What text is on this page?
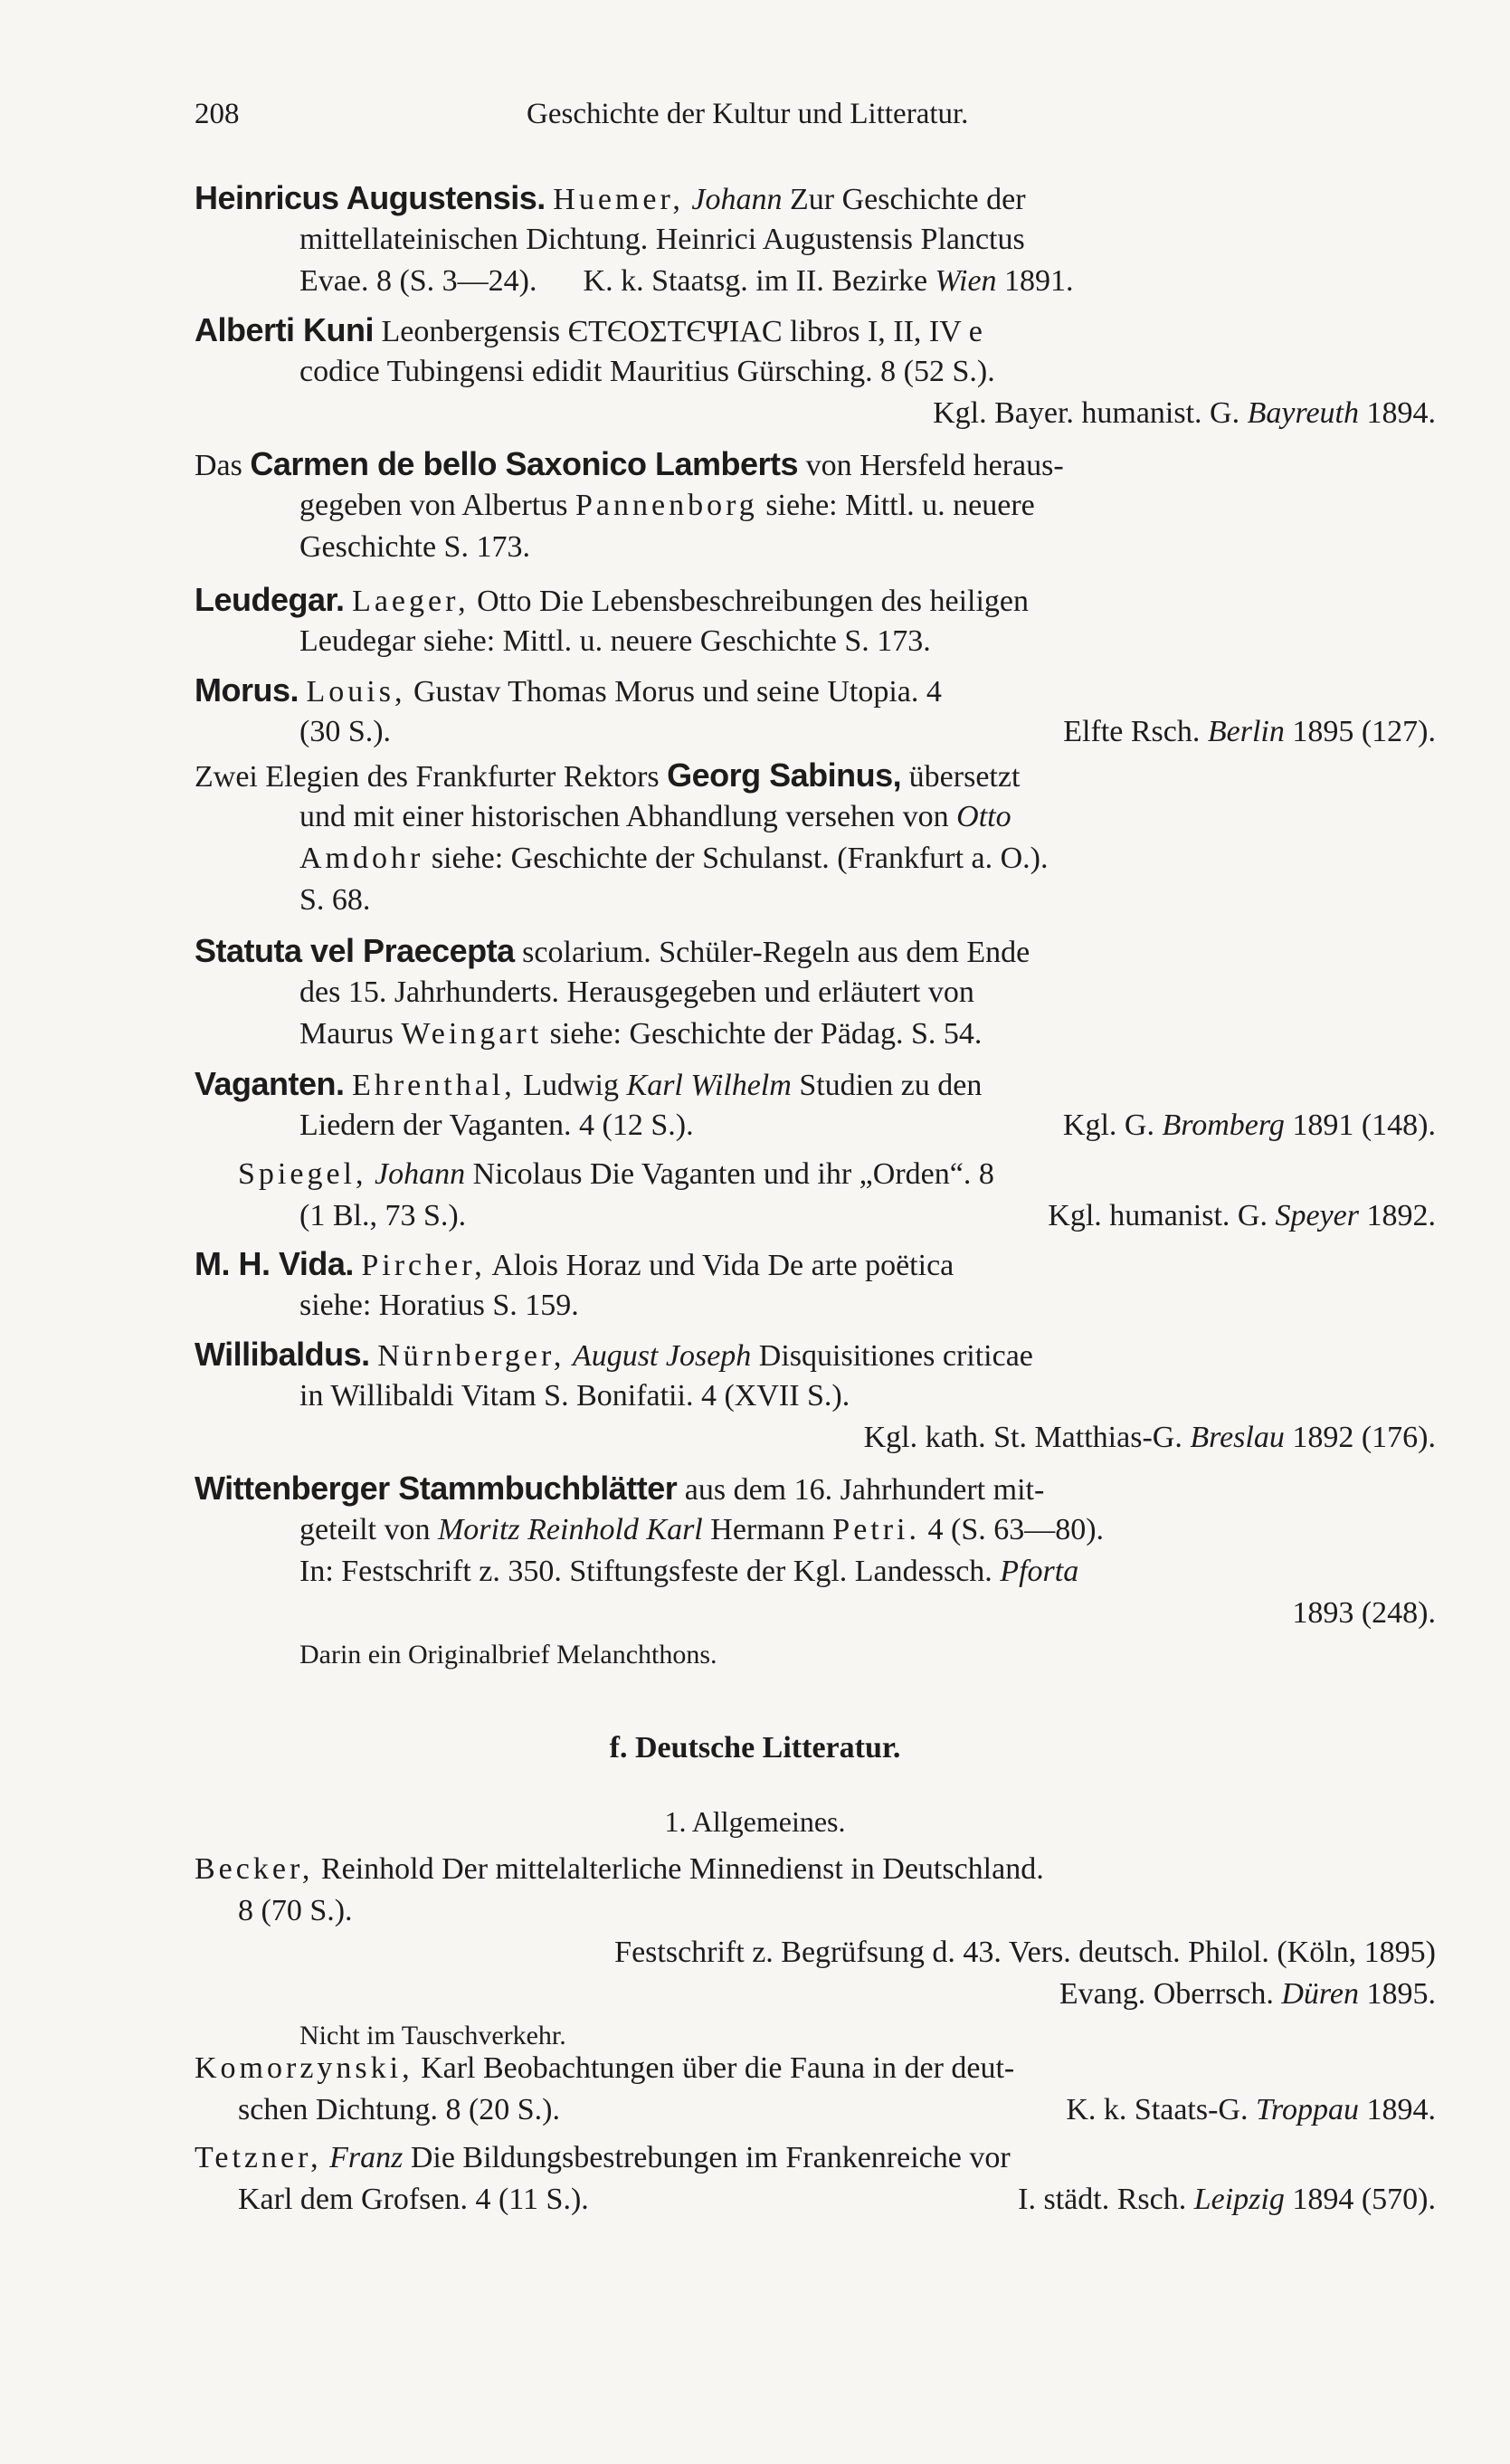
208	Geschichte der Kultur und Litteratur.
Heinricus Augustensis. Huemer, Johann Zur Geschichte der
mittellateinischen Dichtung. Heinrici Augustensis Planctus
Evae. 8 (S. 3—24). K. k. Staatsg. im II. Bezirke Wien 1891.
Alberti Kuni Leonbergensis ЄΤЄΟΣΤЄΨΙΑϹ libros I, II, IV e
codice Tubingensi edidit Mauritius Gürsching. 8 (52 S.).
Kgl. Bayer. humanist. G. Bayreuth 1894.
Das Carmen de bello Saxonico Lamberts von Hersfeld heraus-
gegeben von Albertus Pannenborg siehe: Mittl. u. neuere
Geschichte S. 173.
Leudegar. Laeger, Otto Die Lebensbeschreibungen des heiligen
Leudegar siehe: Mittl. u. neuere Geschichte S. 173.
Morus. Louis, Gustav Thomas Morus und seine Utopia. 4
(30 S.).	Elfte Rsch. Berlin 1895 (127).
Zwei Elegien des Frankfurter Rektors Georg Sabinus, übersetzt
und mit einer historischen Abhandlung versehen von Otto
Amdohr siehe: Geschichte der Schulanst. (Frankfurt a. O.).
S. 68.
Statuta vel Praecepta scolarium. Schüler-Regeln aus dem Ende
des 15. Jahrhunderts. Herausgegeben und erläutert von
Maurus Weingart siehe: Geschichte der Pädag. S. 54.
Vaganten. Ehrenthal, Ludwig Karl Wilhelm Studien zu den
Liedern der Vaganten. 4 (12 S.).	Kgl. G. Bromberg 1891 (148).
Spiegel, Johann Nicolaus Die Vaganten und ihr „Orden“. 8
(1 Bl., 73 S.).	Kgl. humanist. G. Speyer 1892.
M. H. Vida. Pircher, Alois Horaz und Vida De arte poëtica
siehe: Horatius S. 159.
Willibaldus. Nürnberger, August Joseph Disquisitiones criticae
in Willibaldi Vitam S. Bonifatii. 4 (XVII S.).
Kgl. kath. St. Matthias-G. Breslau 1892 (176).
Wittenberger Stammbuchblätter aus dem 16. Jahrhundert mit-
geteilt von Moritz Reinhold Karl Hermann Petri. 4 (S. 63—80).
In: Festschrift z. 350. Stiftungsfeste der Kgl. Landessch. Pforta
1893 (248).
Darin ein Originalbrief Melanchthons.
f. Deutsche Litteratur.
1. Allgemeines.
Becker, Reinhold Der mittelalterliche Minnedienst in Deutschland.
8 (70 S.).
Festschrift z. Begrüfsung d. 43. Vers. deutsch. Philol. (Köln, 1895)
Evang. Oberrsch. Düren 1895.
Nicht im Tauschverkehr.
Komorzynski, Karl Beobachtungen über die Fauna in der deut-
schen Dichtung. 8 (20 S.).	K. k. Staats-G. Troppau 1894.
Tetzner, Franz Die Bildungsbestrebungen im Frankenreiche vor
Karl dem Grofsen. 4 (11 S.).	I. städt. Rsch. Leipzig 1894 (570).
